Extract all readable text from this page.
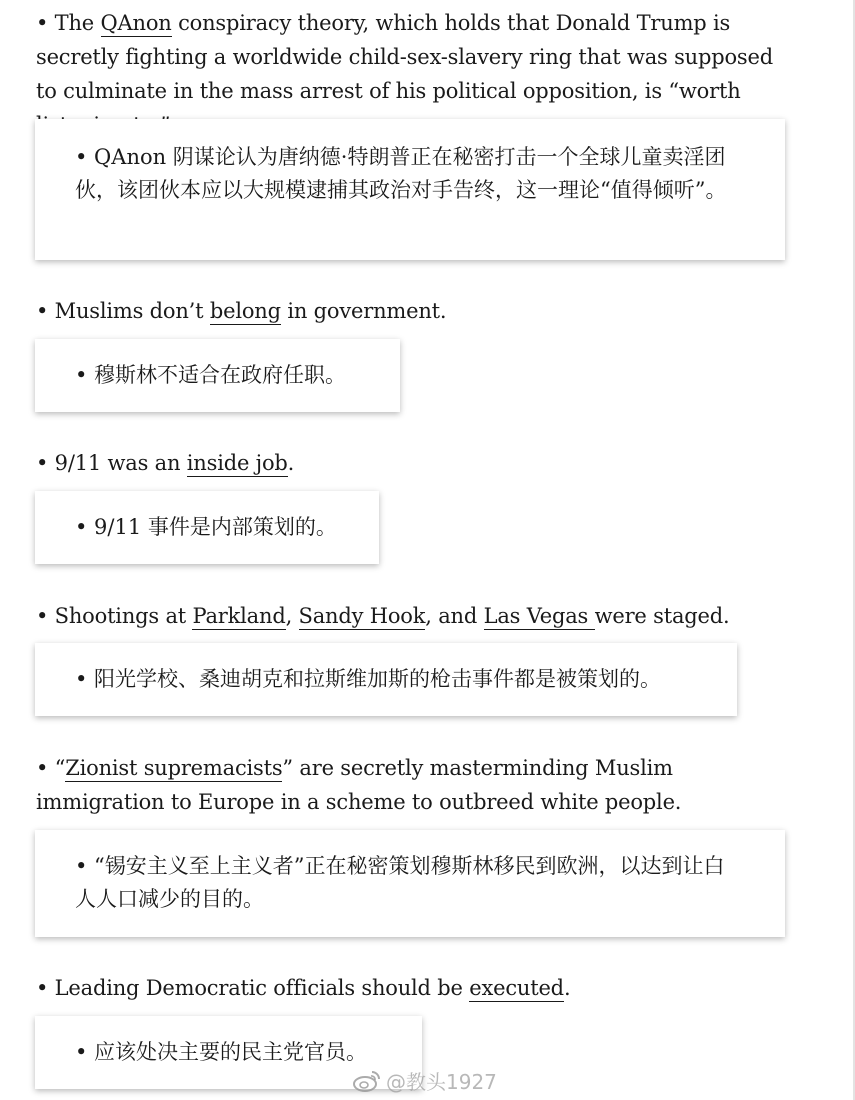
• The QAnon conspiracy theory, which holds that Donald Trump is secretly fighting a worldwide child-sex-slavery ring that was supposed to culminate in the mass arrest of his political opposition, is “worth

• QAnon 阴谋论认为唐纳德·特朗普正在秘密打击一个全球儿童卖淫团伙，该团伙本应以大规模逮捕其政治对手告终，这一理论“值得倾听”。

• Muslims don’t belong in government.

• 穆斯林不适合在政府任职。

• 9/11 was an inside job.

• 9/11 事件是内部策划的。

• Shootings at Parkland, Sandy Hook, and Las Vegas were staged.

• 阳光学校、桑迪胡克和拉斯维加斯的枪击事件都是被策划的。

• “Zionist supremacists” are secretly masterminding Muslim immigration to Europe in a scheme to outbreed white people.

• “锡安主义至上主义者”正在秘密策划穆斯林移民到欧洲，以达到让白人人口减少的目的。

• Leading Democratic officials should be executed.

• 应该处决主要的民主党官员。
@教头1927
